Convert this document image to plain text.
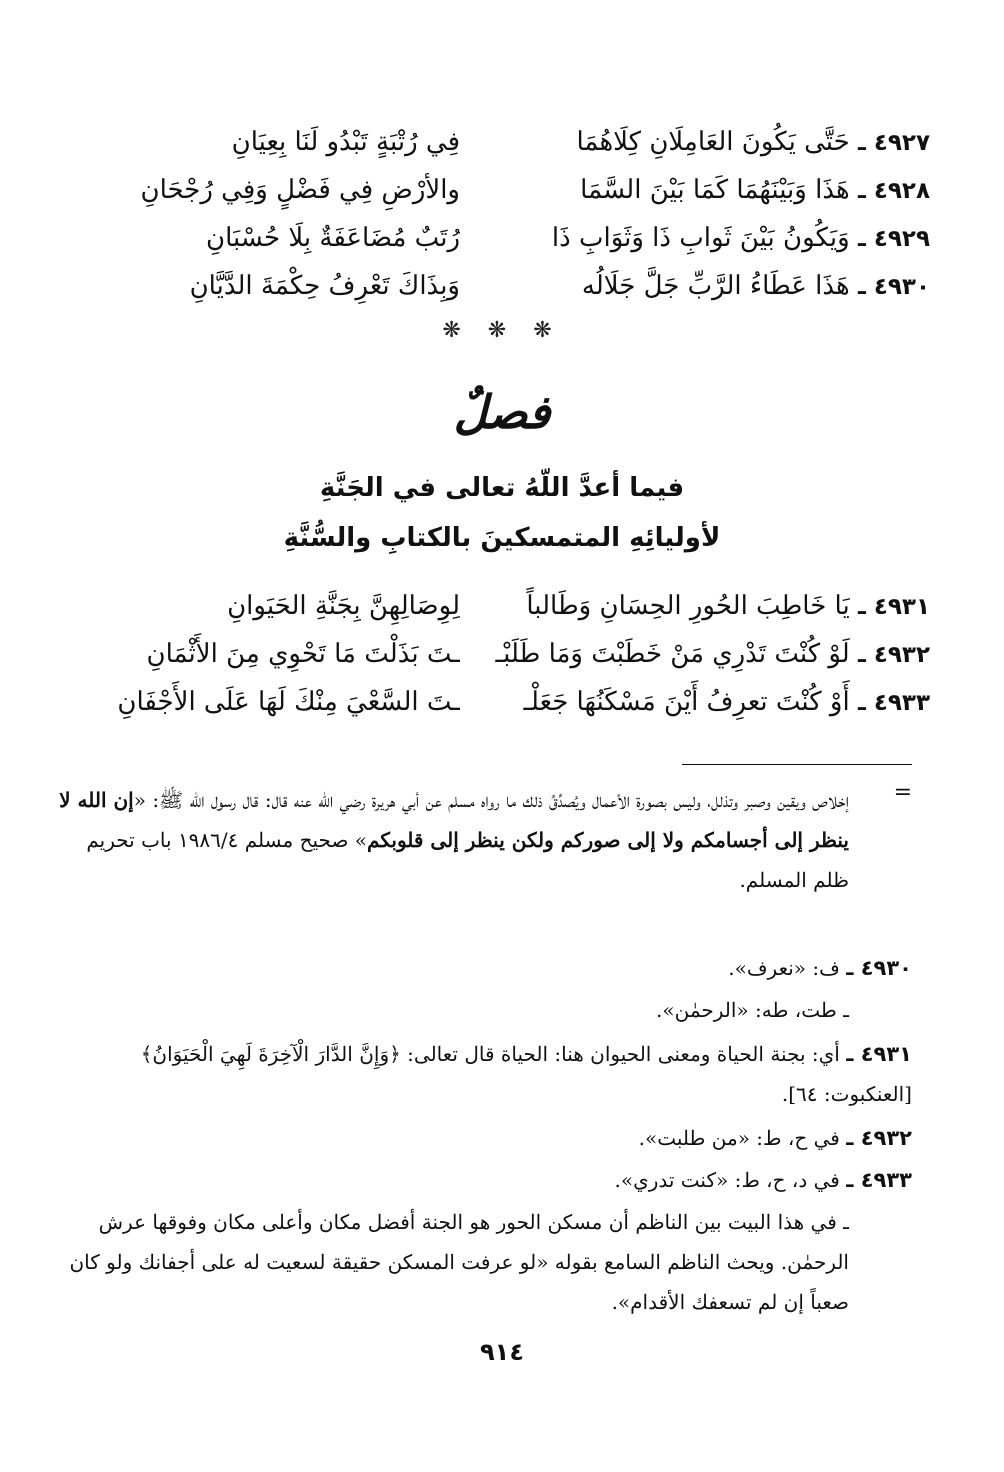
٤٩٢٧ ـ حَتَّى يَكُونَ العَامِلَانِ كِلَاهُمَا
فِي رُتْبَةٍ تَبْدُو لَنَا بِعِيَانِ
٤٩٢٨ ـ هَذَا وَبَيْنَهُمَا كَمَا بَيْنَ السَّمَا
والأرْضِ فِي فَضْلٍ وَفِي رُجْحَانِ
٤٩٢٩ ـ وَيَكُونُ بَيْنَ ثَوابِ ذَا وَثَوَابِ ذَا
رُتَبٌ مُضَاعَفَةٌ بِلَا حُسْبَانِ
٤٩٣٠ ـ هَذَا عَطَاءُ الرَّبِّ جَلَّ جَلَالُه
وَبِذَاكَ تَعْرِفُ حِكْمَةَ الدَّيَّانِ
❋ ❋ ❋
فصلٌ
فيما أعدَّ اللّهُ تعالى في الجَنَّةِ
لأوليائِهِ المتمسكينَ بالكتابِ والسُّنَّةِ
٤٩٣١ ـ يَا خَاطِبَ الحُورِ الحِسَانِ وَطَالباً
لِوِصَالِهِنَّ بِجَنَّةِ الحَيَوانِ
٤٩٣٢ ـ لَوْ كُنْتَ تَدْرِي مَنْ خَطَبْتَ وَمَا طَلَبْـ
ـتَ بَذَلْتَ مَا تَحْوِي مِنَ الأَثْمَانِ
٤٩٣٣ ـ أَوْ كُنْتَ تعرِفُ أَيْنَ مَسْكَنُهَا جَعَلْـ
ـتَ السَّعْيَ مِنْكَ لَهَا عَلَى الأَجْفَانِ
=
إخلاص ويقين وصبر وتذلل، وليس بصورة الأعمال ويُصدِّقُ ذلك ما رواه مسلم عن أبي هريرة رضي الله عنه قال: قال رسول الله ﷺ: «إن الله لا ينظر إلى أجسامكم ولا إلى صوركم ولكن ينظر إلى قلوبكم» صحيح مسلم ١٩٨٦/٤ باب تحريم ظلم المسلم.
٤٩٣٠ ـ ف: «نعرف».
ـ طت، طه: «الرحمٰن».
٤٩٣١ ـ أي: بجنة الحياة ومعنى الحيوان هنا: الحياة قال تعالى: ﴿وَإِنَّ الدَّارَ الْآخِرَةَ لَهِيَ الْحَيَوَانُ﴾ [العنكبوت: ٦٤].
٤٩٣٢ ـ في ح، ط: «من طلبت».
٤٩٣٣ ـ في د، ح، ط: «كنت تدري».
ـ في هذا البيت بين الناظم أن مسكن الحور هو الجنة أفضل مكان وأعلى مكان وفوقها عرش الرحمٰن. ويحث الناظم السامع بقوله «لو عرفت المسكن حقيقة لسعيت له على أجفانك ولو كان صعباً إن لم تسعفك الأقدام».
٩١٤
